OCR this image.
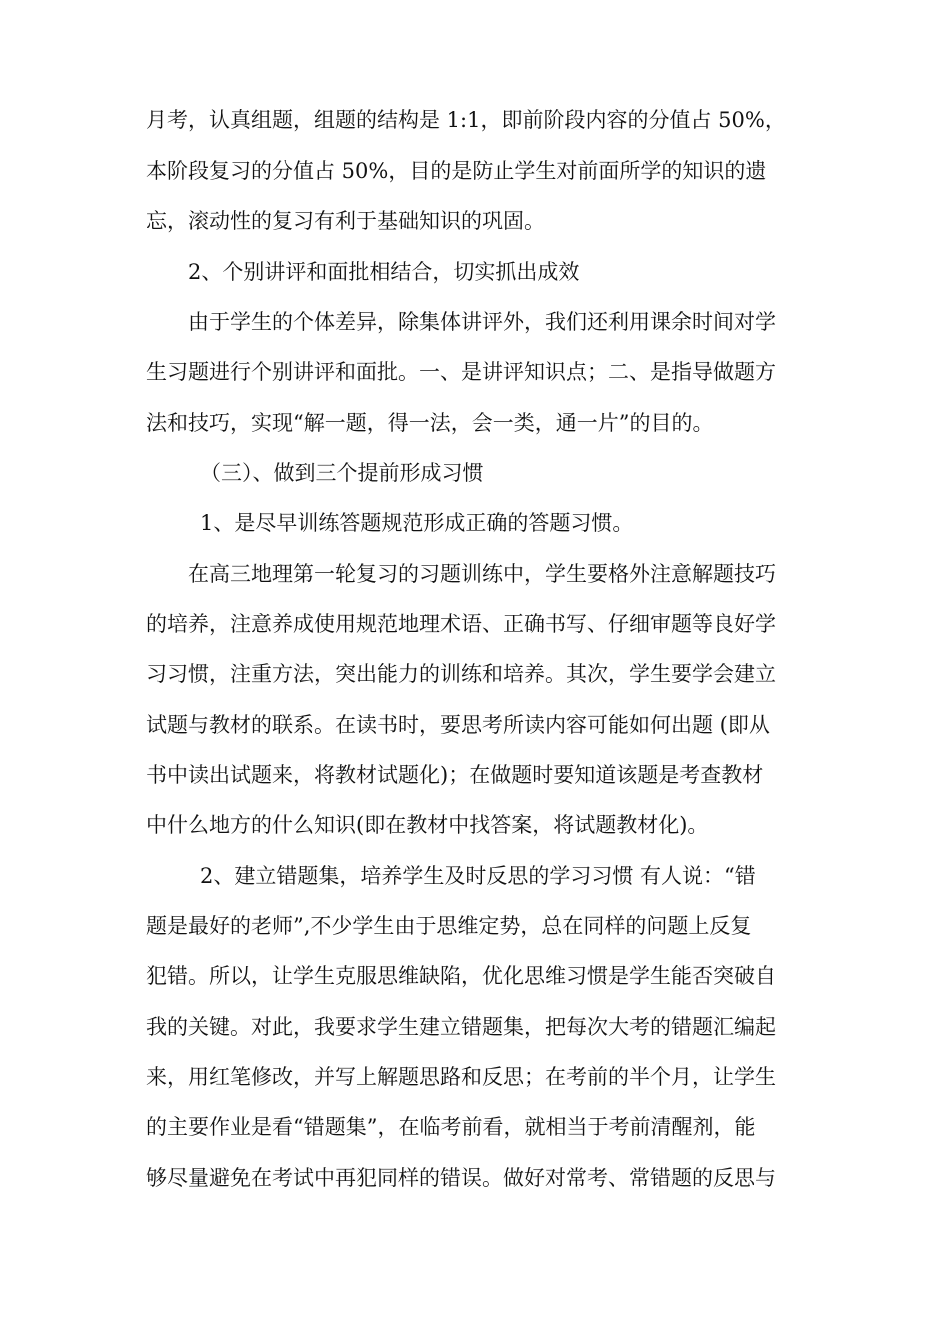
月考，认真组题，组题的结构是 1:1，即前阶段内容的分值占 50%，
本阶段复习的分值占 50%，目的是防止学生对前面所学的知识的遗
忘，滚动性的复习有利于基础知识的巩固。
2、个别讲评和面批相结合，切实抓出成效
由于学生的个体差异，除集体讲评外，我们还利用课余时间对学
生习题进行个别讲评和面批。一、是讲评知识点；二、是指导做题方
法和技巧，实现“解一题，得一法，会一类，通一片”的目的。
（三）、做到三个提前形成习惯
1、是尽早训练答题规范形成正确的答题习惯。
在高三地理第一轮复习的习题训练中，学生要格外注意解题技巧
的培养，注意养成使用规范地理术语、正确书写、仔细审题等良好学
习习惯，注重方法，突出能力的训练和培养。其次，学生要学会建立
试题与教材的联系。在读书时，要思考所读内容可能如何出题 (即从
书中读出试题来，将教材试题化)；在做题时要知道该题是考查教材
中什么地方的什么知识(即在教材中找答案，将试题教材化)。
2、建立错题集，培养学生及时反思的学习习惯 有人说：“错
题是最好的老师”,不少学生由于思维定势，总在同样的问题上反复
犯错。所以，让学生克服思维缺陷，优化思维习惯是学生能否突破自
我的关键。对此，我要求学生建立错题集，把每次大考的错题汇编起
来，用红笔修改，并写上解题思路和反思；在考前的半个月，让学生
的主要作业是看“错题集”，在临考前看，就相当于考前清醒剂，能
够尽量避免在考试中再犯同样的错误。做好对常考、常错题的反思与
